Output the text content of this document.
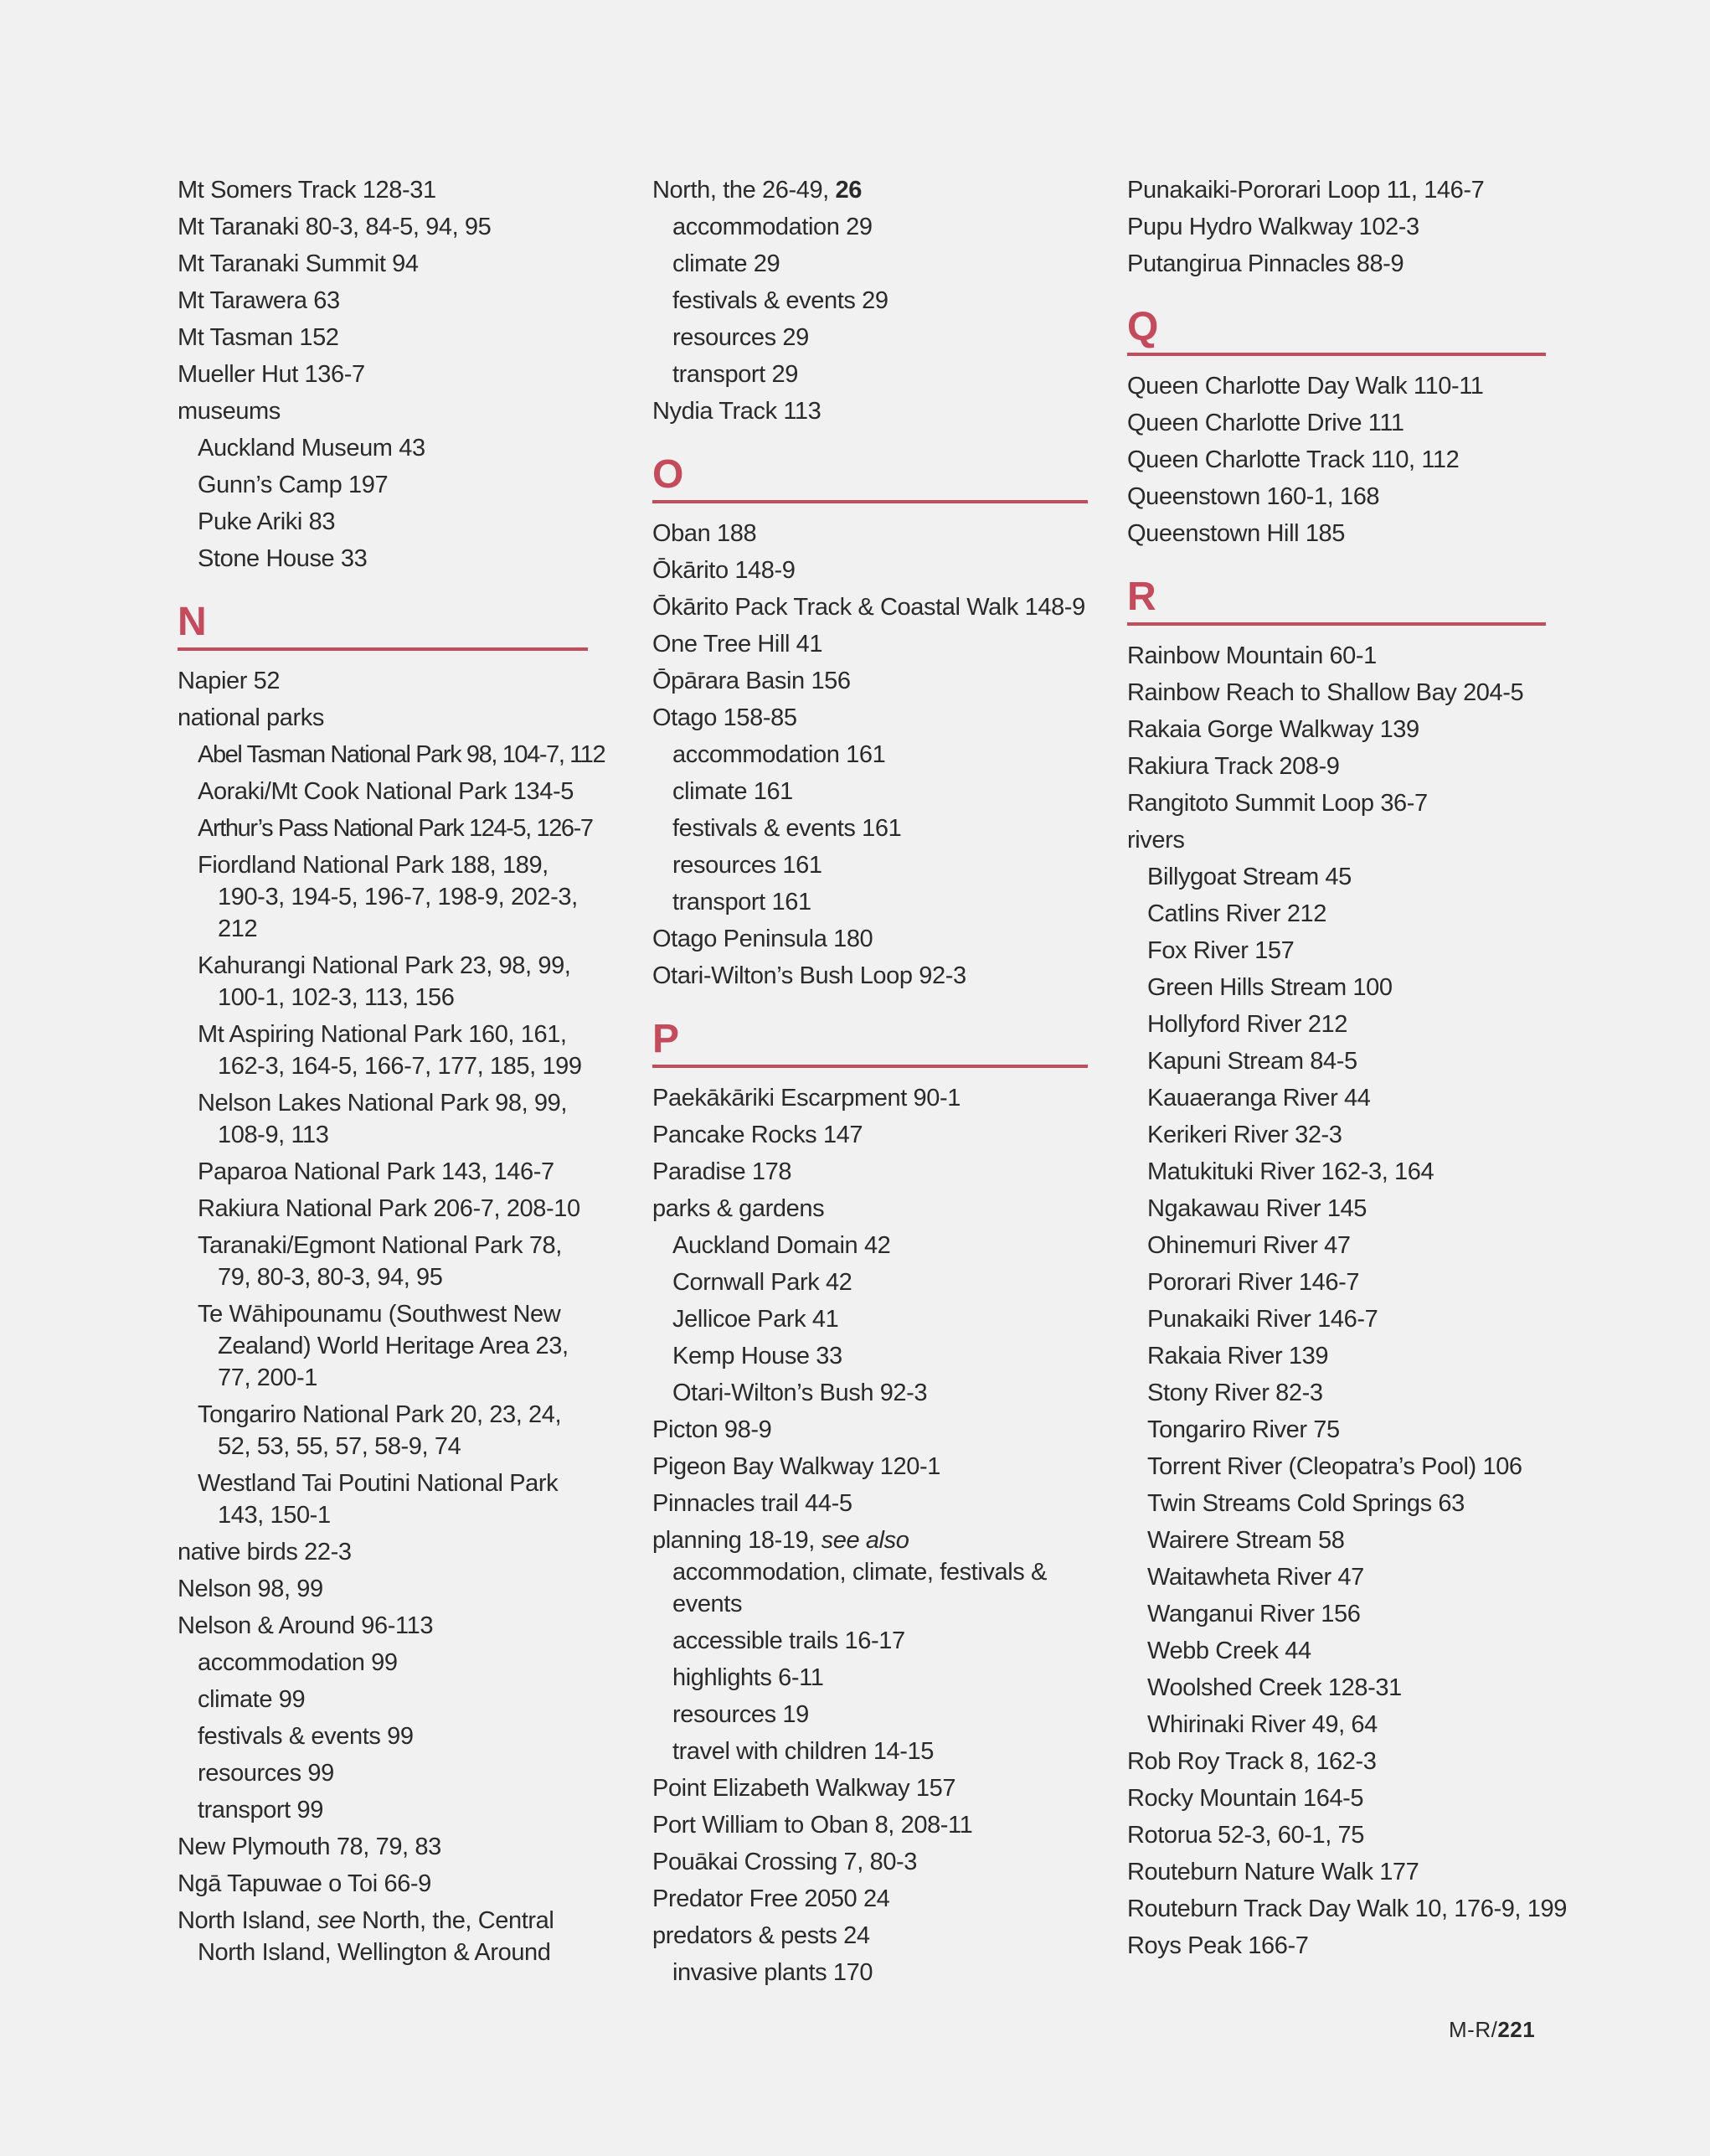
Mt Somers Track 128-31
Mt Taranaki 80-3, 84-5, 94, 95
Mt Taranaki Summit 94
Mt Tarawera 63
Mt Tasman 152
Mueller Hut 136-7
museums
Auckland Museum 43
Gunn’s Camp 197
Puke Ariki 83
Stone House 33
N
Napier 52
national parks
Abel Tasman National Park 98, 104-7, 112
Aoraki/Mt Cook National Park 134-5
Arthur’s Pass National Park 124-5, 126-7
Fiordland National Park 188, 189, 190-3, 194-5, 196-7, 198-9, 202-3, 212
Kahurangi National Park 23, 98, 99, 100-1, 102-3, 113, 156
Mt Aspiring National Park 160, 161, 162-3, 164-5, 166-7, 177, 185, 199
Nelson Lakes National Park 98, 99, 108-9, 113
Paparoa National Park 143, 146-7
Rakiura National Park 206-7, 208-10
Taranaki/Egmont National Park 78, 79, 80-3, 80-3, 94, 95
Te Wāhipounamu (Southwest New Zealand) World Heritage Area 23, 77, 200-1
Tongariro National Park 20, 23, 24, 52, 53, 55, 57, 58-9, 74
Westland Tai Poutini National Park 143, 150-1
native birds 22-3
Nelson 98, 99
Nelson & Around 96-113
accommodation 99
climate 99
festivals & events 99
resources 99
transport 99
New Plymouth 78, 79, 83
Ngā Tapuwae o Toi 66-9
North Island, see North, the, Central North Island, Wellington & Around
North, the 26-49, 26
accommodation 29
climate 29
festivals & events 29
resources 29
transport 29
Nydia Track 113
O
Oban 188
Ōkārito 148-9
Ōkārito Pack Track & Coastal Walk 148-9
One Tree Hill 41
Ōpārara Basin 156
Otago 158-85
accommodation 161
climate 161
festivals & events 161
resources 161
transport 161
Otago Peninsula 180
Otari-Wilton’s Bush Loop 92-3
P
Paekākāriki Escarpment 90-1
Pancake Rocks 147
Paradise 178
parks & gardens
Auckland Domain 42
Cornwall Park 42
Jellicoe Park 41
Kemp House 33
Otari-Wilton’s Bush 92-3
Picton 98-9
Pigeon Bay Walkway 120-1
Pinnacles trail 44-5
planning 18-19, see also accommodation, climate, festivals & events
accessible trails 16-17
highlights 6-11
resources 19
travel with children 14-15
Point Elizabeth Walkway 157
Port William to Oban 8, 208-11
Pouākai Crossing 7, 80-3
Predator Free 2050 24
predators & pests 24
invasive plants 170
Punakaiki-Pororari Loop 11, 146-7
Pupu Hydro Walkway 102-3
Putangirua Pinnacles 88-9
Q
Queen Charlotte Day Walk 110-11
Queen Charlotte Drive 111
Queen Charlotte Track 110, 112
Queenstown 160-1, 168
Queenstown Hill 185
R
Rainbow Mountain 60-1
Rainbow Reach to Shallow Bay 204-5
Rakaia Gorge Walkway 139
Rakiura Track 208-9
Rangitoto Summit Loop 36-7
rivers
Billygoat Stream 45
Catlins River 212
Fox River 157
Green Hills Stream 100
Hollyford River 212
Kapuni Stream 84-5
Kauaeranga River 44
Kerikeri River 32-3
Matukituki River 162-3, 164
Ngakawau River 145
Ohinemuri River 47
Pororari River 146-7
Punakaiki River 146-7
Rakaia River 139
Stony River 82-3
Tongariro River 75
Torrent River (Cleopatra’s Pool) 106
Twin Streams Cold Springs 63
Wairere Stream 58
Waitawheta River 47
Wanganui River 156
Webb Creek 44
Woolshed Creek 128-31
Whirinaki River 49, 64
Rob Roy Track 8, 162-3
Rocky Mountain 164-5
Rotorua 52-3, 60-1, 75
Routeburn Nature Walk 177
Routeburn Track Day Walk 10, 176-9, 199
Roys Peak 166-7
M-R/221
